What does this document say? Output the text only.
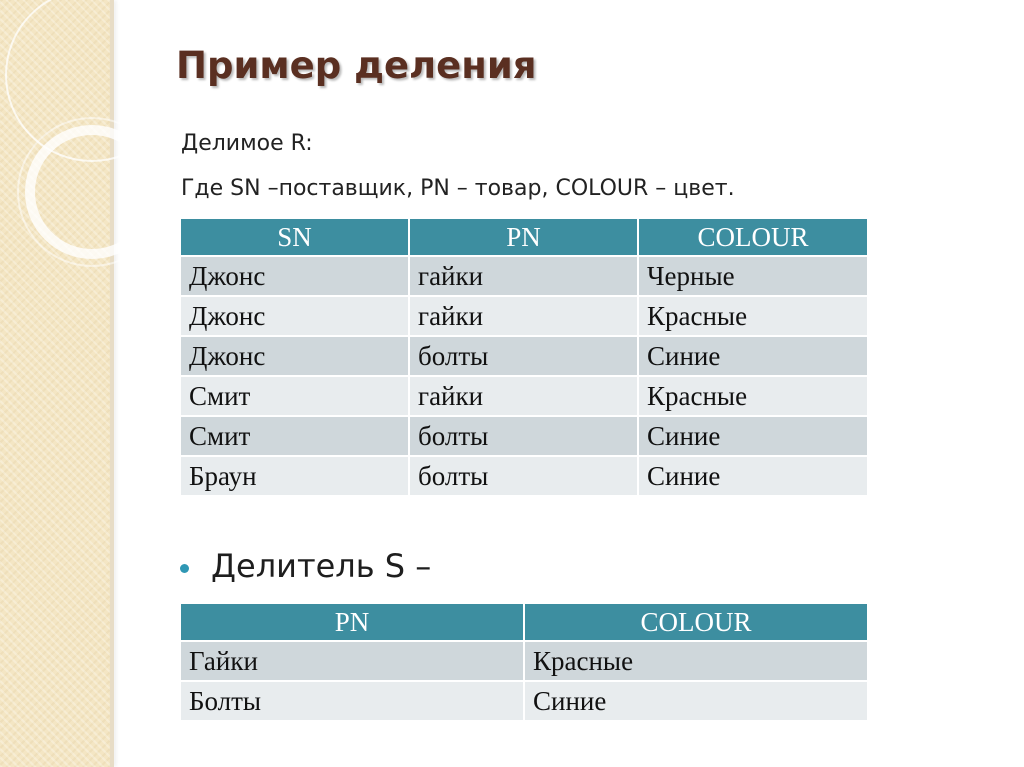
Пример деления

Делимое R:

Где SN –поставщик, PN – товар, COLOUR – цвет.

SN	PN	COLOUR
Джонс	гайки	Черные
Джонс	гайки	Красные
Джонс	болты	Синие
Смит	гайки	Красные
Смит	болты	Синие
Браун	болты	Синие
Делитель S –
PN	COLOUR
Гайки	Красные
Болты	Синие
